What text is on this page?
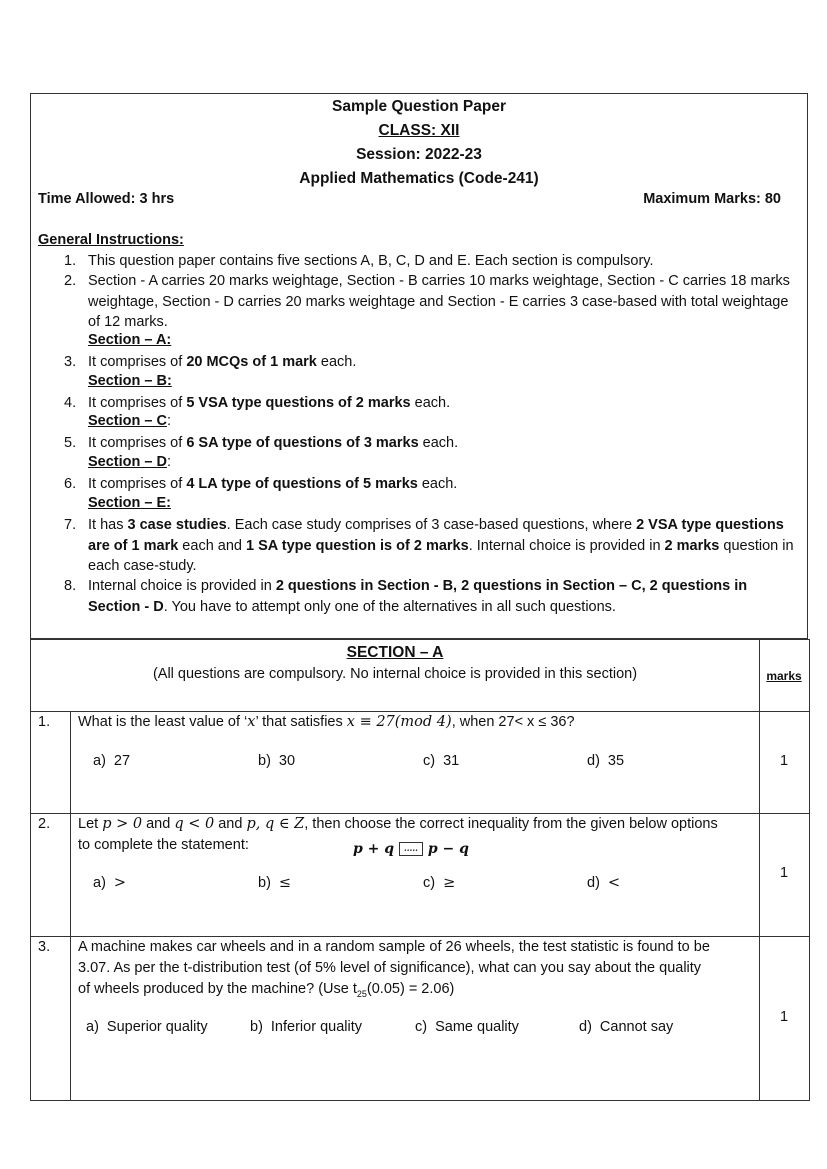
Sample Question Paper
CLASS: XII
Session: 2022-23
Applied Mathematics (Code-241)
Time Allowed: 3 hrs	Maximum Marks: 80
General Instructions:
1. This question paper contains five sections A, B, C, D and E. Each section is compulsory.
2. Section - A carries 20 marks weightage, Section - B carries 10 marks weightage, Section - C carries 18 marks weightage, Section - D carries 20 marks weightage and Section - E carries 3 case-based with total weightage of 12 marks.
Section – A:
3. It comprises of 20 MCQs of 1 mark each.
Section – B:
4. It comprises of 5 VSA type questions of 2 marks each.
Section – C:
5. It comprises of 6 SA type of questions of 3 marks each.
Section – D:
6. It comprises of 4 LA type of questions of 5 marks each.
Section – E:
7. It has 3 case studies. Each case study comprises of 3 case-based questions, where 2 VSA type questions are of 1 mark each and 1 SA type question is of 2 marks. Internal choice is provided in 2 marks question in each case-study.
8. Internal choice is provided in 2 questions in Section - B, 2 questions in Section – C, 2 questions in Section - D. You have to attempt only one of the alternatives in all such questions.
SECTION – A
(All questions are compulsory. No internal choice is provided in this section)	marks
1. What is the least value of ‘x’ that satisfies x ≡ 27(mod 4), when 27< x ≤ 36?
a) 27	b) 30	c) 31	d) 35	1
2. Let p > 0 and q < 0 and p, q ∈ Z, then choose the correct inequality from the given below options
to complete the statement:	p + q ..... p − q
a) >	b) ≤	c) ≥	d) <
1
3. A machine makes car wheels and in a random sample of 26 wheels, the test statistic is found to be
3.07. As per the t-distribution test (of 5% level of significance), what can you say about the quality
of wheels produced by the machine? (Use $t_{25}(0.05) = 2.06$)
a) Superior quality	b) Inferior quality	c) Same quality	d) Cannot say
1
